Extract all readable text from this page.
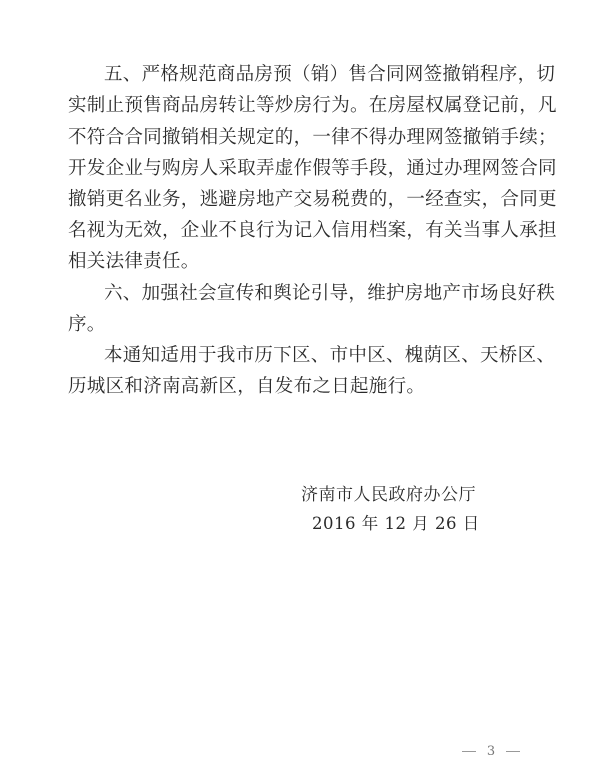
五、严格规范商品房预（销）售合同网签撤销程序，切
实制止预售商品房转让等炒房行为。在房屋权属登记前，凡
不符合合同撤销相关规定的，一律不得办理网签撤销手续；
开发企业与购房人采取弄虚作假等手段，通过办理网签合同
撤销更名业务，逃避房地产交易税费的，一经查实，合同更
名视为无效，企业不良行为记入信用档案，有关当事人承担
相关法律责任。
六、加强社会宣传和舆论引导，维护房地产市场良好秩
序。
本通知适用于我市历下区、市中区、槐荫区、天桥区、
历城区和济南高新区，自发布之日起施行。
济南市人民政府办公厅
2016 年 12 月 26 日
3
